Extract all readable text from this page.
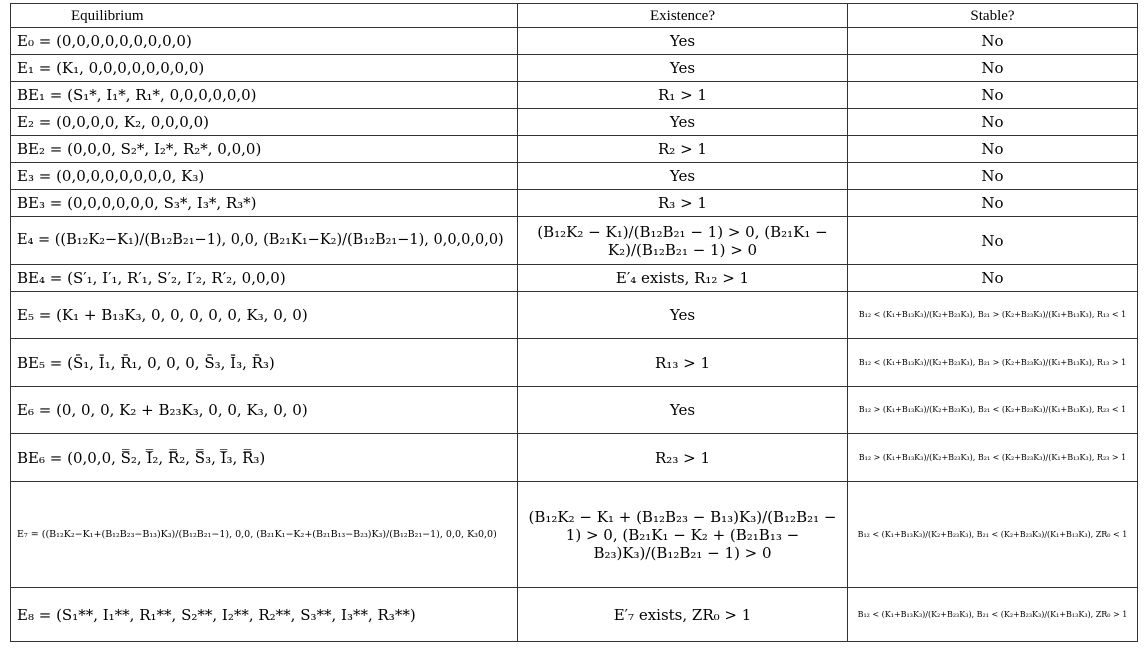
Equilibrium	Existence?	Stable?
E₀ = (0,0,0,0,0,0,0,0,0)	Yes	No
E₁ = (K₁, 0,0,0,0,0,0,0,0)	Yes	No
BE₁ = (S₁*, I₁*, R₁*, 0,0,0,0,0,0)	R₁ > 1	No
E₂ = (0,0,0,0, K₂, 0,0,0,0)	Yes	No
BE₂ = (0,0,0, S₂*, I₂*, R₂*, 0,0,0)	R₂ > 1	No
E₃ = (0,0,0,0,0,0,0,0, K₃)	Yes	No
BE₃ = (0,0,0,0,0,0, S₃*, I₃*, R₃*)	R₃ > 1	No
E₄ = ((B₁₂K₂−K₁)/(B₁₂B₂₁−1), 0,0, (B₂₁K₁−K₂)/(B₁₂B₂₁−1), 0,0,0,0,0)	(B₁₂K₂ − K₁)/(B₁₂B₂₁ − 1) > 0, (B₂₁K₁ − K₂)/(B₁₂B₂₁ − 1) > 0	No
BE₄ = (S′₁, I′₁, R′₁, S′₂, I′₂, R′₂, 0,0,0)	E′₄ exists, R₁₂ > 1	No
E₅ = (K₁ + B₁₃K₃, 0, 0, 0, 0, 0, K₃, 0, 0)	Yes	B₁₂ < (K₁+B₁₃K₃)/(K₂+B₂₃K₃), B₂₁ > (K₂+B₂₃K₃)/(K₁+B₁₃K₃), R₁₃ < 1
BE₅ = (S̄₁, Ī₁, R̄₁, 0, 0, 0, S̄₃, Ī₃, R̄₃)	R₁₃ > 1	B₁₂ < (K₁+B₁₃K₃)/(K₂+B₂₃K₃), B₂₁ > (K₂+B₂₃K₃)/(K₁+B₁₃K₃), R₁₃ > 1
E₆ = (0, 0, 0, K₂ + B₂₃K₃, 0, 0, K₃, 0, 0)	Yes	B₁₂ > (K₁+B₁₃K₃)/(K₂+B₂₃K₃), B₂₁ < (K₂+B₂₃K₃)/(K₁+B₁₃K₃), R₂₃ < 1
BE₆ = (0,0,0, S̿₂, I̿₂, R̿₂, S̿₃, I̿₃, R̿₃)	R₂₃ > 1	B₁₂ > (K₁+B₁₃K₃)/(K₂+B₂₃K₃), B₂₁ < (K₂+B₂₃K₃)/(K₁+B₁₃K₃), R₂₃ > 1
E₇ = ((B₁₂K₂−K₁+(B₁₂B₂₃−B₁₃)K₃)/(B₁₂B₂₁−1), 0,0, (B₂₁K₁−K₂+(B₂₁B₁₃−B₂₃)K₃)/(B₁₂B₂₁−1), 0,0, K₃0,0)	(B₁₂K₂ − K₁ + (B₁₂B₂₃ − B₁₃)K₃)/(B₁₂B₂₁ − 1) > 0, (B₂₁K₁ − K₂ + (B₂₁B₁₃ − B₂₃)K₃)/(B₁₂B₂₁ − 1) > 0	B₁₂ < (K₁+B₁₃K₃)/(K₂+B₂₃K₃), B₂₁ < (K₂+B₂₃K₃)/(K₁+B₁₃K₃), ZR₀ < 1
E₈ = (S₁**, I₁**, R₁**, S₂**, I₂**, R₂**, S₃**, I₃**, R₃**)	E′₇ exists, ZR₀ > 1	B₁₂ < (K₁+B₁₃K₃)/(K₂+B₂₃K₃), B₂₁ < (K₂+B₂₃K₃)/(K₁+B₁₃K₃), ZR₀ > 1
